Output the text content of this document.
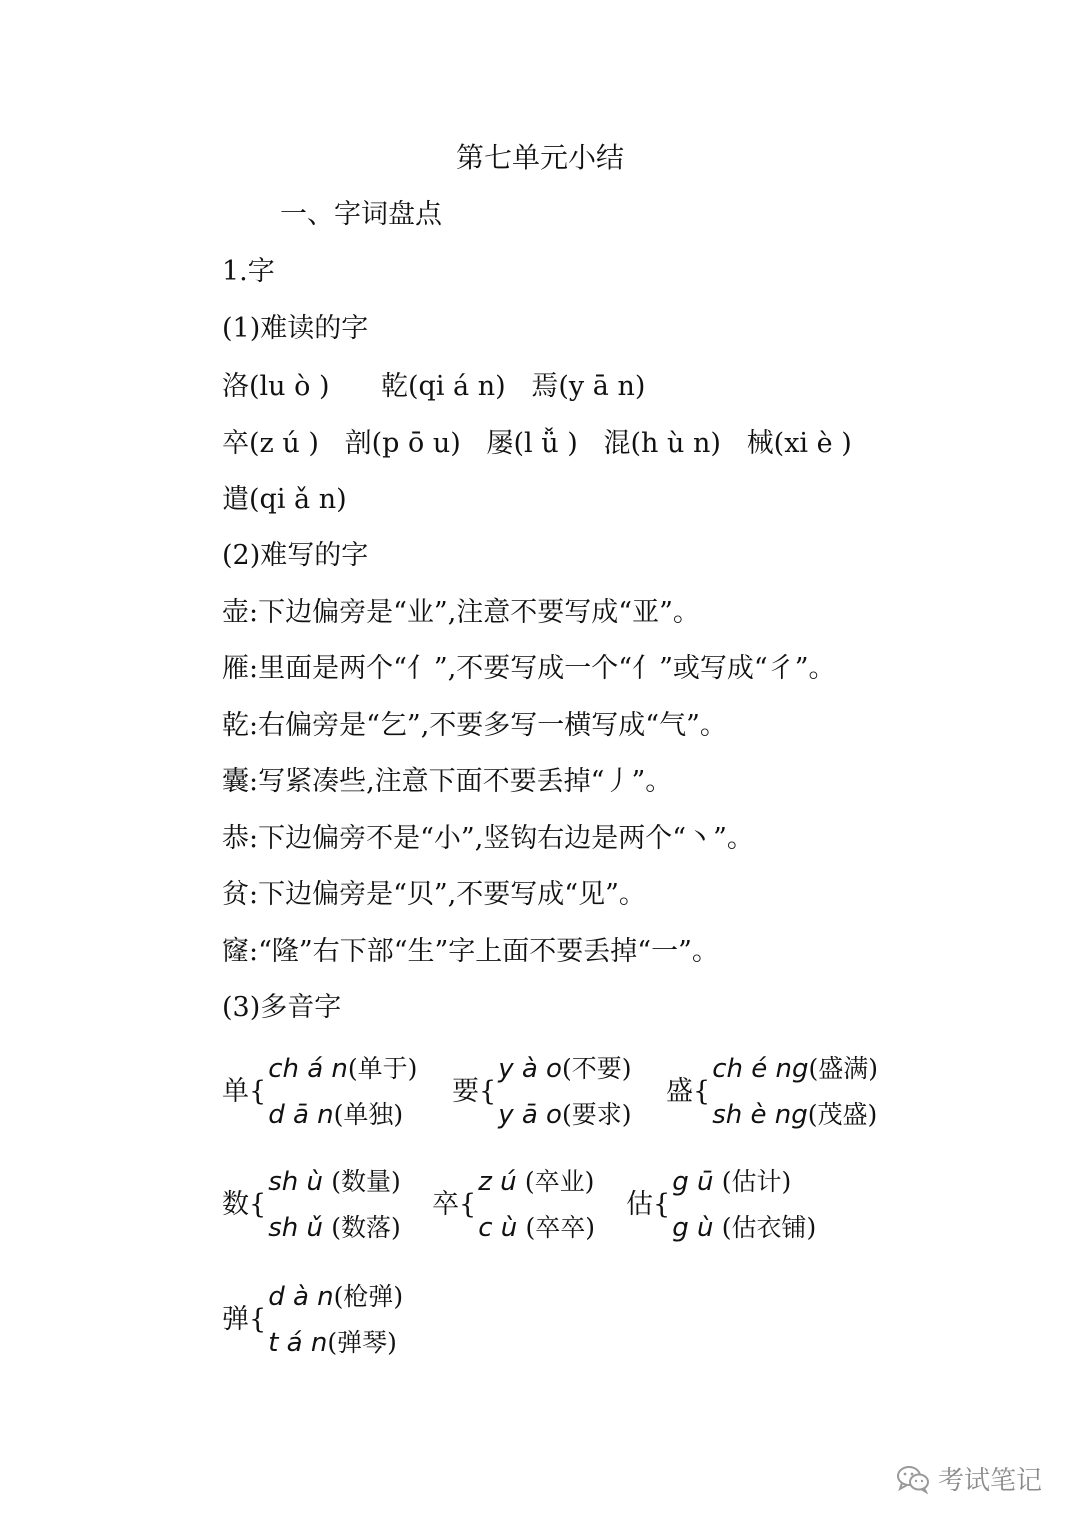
第七单元小结
一、字词盘点
1.字
(1)难读的字
洛(lu ò )      乾(qi á n)   焉(y ā n)
卒(z ú )   剖(p ō u)   屡(l ǚ )   混(h ù n)   械(xi è )
遣(qi ǎ n)
(2)难写的字
壶:下边偏旁是“业”,注意不要写成“亚”。
雁:里面是两个“亻”,不要写成一个“亻”或写成“彳”。
乾:右偏旁是“乞”,不要多写一横写成“气”。
囊:写紧凑些,注意下面不要丢掉“丿”。
恭:下边偏旁不是“小”,竖钩右边是两个“丶”。
贫:下边偏旁是“贝”,不要写成“见”。
窿:“隆”右下部“生”字上面不要丢掉“一”。
(3)多音字
单 {
ch á n(单于)
d ā n(单独)
要 {
y à o(不要)
y ā o(要求)
盛 {
ch é ng(盛满)
sh è ng(茂盛)
数 {
sh ù (数量)
sh ǔ (数落)
卒 {
z ú (卒业)
c ù (卒卒)
估 {
g ū (估计)
g ù (估衣铺)
弹 {
d à n(枪弹)
t á n(弹琴)
考试笔记
